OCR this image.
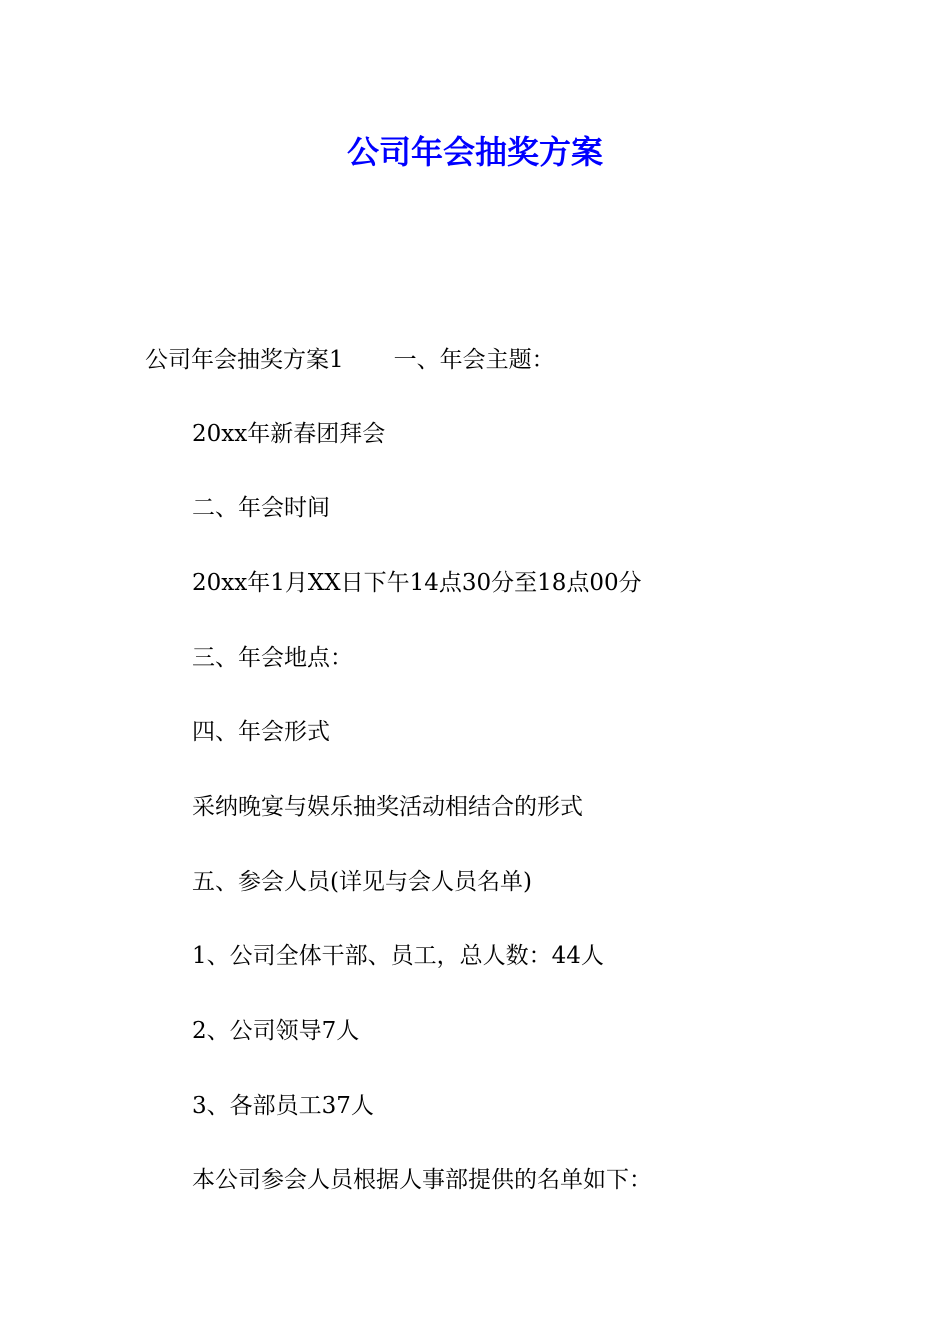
公司年会抽奖方案

公司年会抽奖方案1 一、年会主题：

20xx年新春团拜会

二、年会时间

20xx年1月XX日下午14点30分至18点00分

三、年会地点：

四、年会形式

采纳晚宴与娱乐抽奖活动相结合的形式

五、参会人员(详见与会人员名单)

1、公司全体干部、员工，总人数：44人

2、公司领导7人

3、各部员工37人

本公司参会人员根据人事部提供的名单如下：
